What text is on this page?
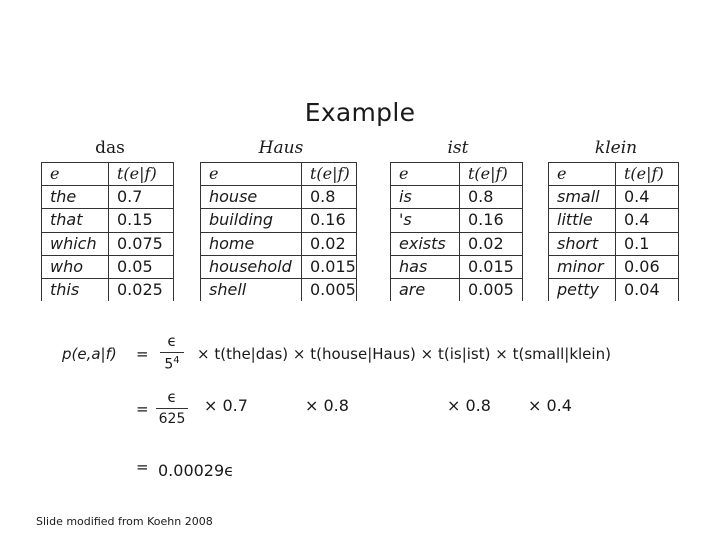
Example
das
e	t(e|f)
the	0.7
that	0.15
which	0.075
who	0.05
this	0.025
Haus
e	t(e|f)
house	0.8
building	0.16
home	0.02
household	0.015
shell	0.005
ist
e	t(e|f)
is	0.8
's	0.16
exists	0.02
has	0.015
are	0.005
klein
e	t(e|f)
small	0.4
little	0.4
short	0.1
minor	0.06
petty	0.04
p(e,a|f) =
ϵ
$5^4 \times t(the|das)$ × t(house|Haus) × t(is|ist) × t(small|klein)
=
ϵ
625
× 0.7	× 0.8	× 0.8 × 0.4
= 0.00029ϵ
Slide modified from Koehn 2008
